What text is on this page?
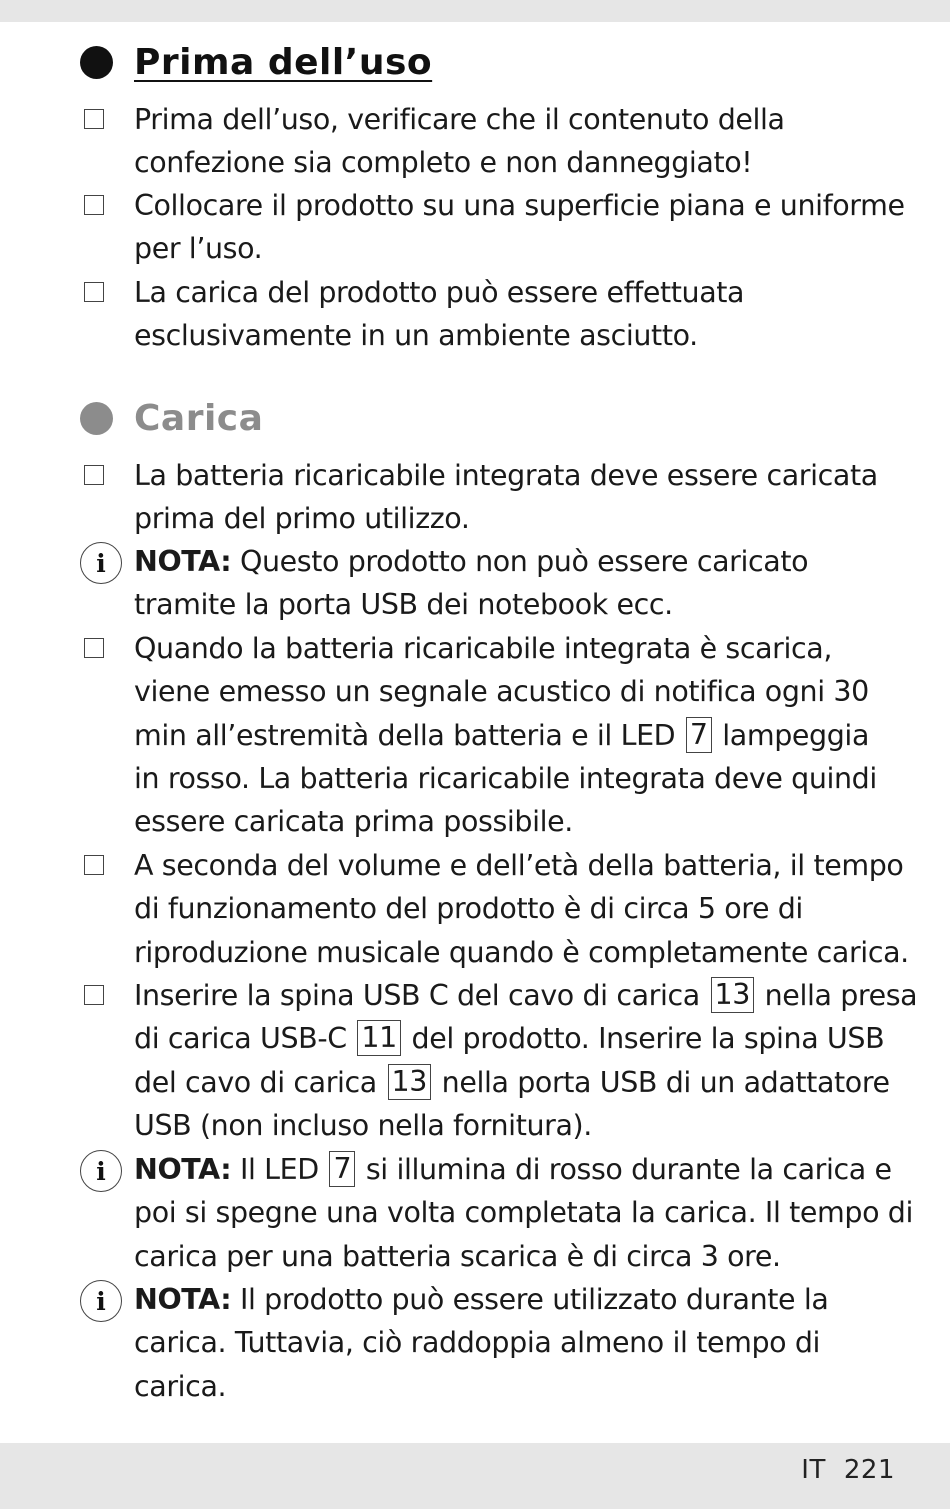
Prima dell’uso
Prima dell’uso, verificare che il contenuto della
confezione sia completo e non danneggiato!
Collocare il prodotto su una superficie piana e uniforme
per l’uso.
La carica del prodotto può essere effettuata
esclusivamente in un ambiente asciutto.
Carica
La batteria ricaricabile integrata deve essere caricata
prima del primo utilizzo.
i NOTA: Questo prodotto non può essere caricato
tramite la porta USB dei notebook ecc.
Quando la batteria ricaricabile integrata è scarica,
viene emesso un segnale acustico di notifica ogni 30
min all’estremità della batteria e il LED 7 lampeggia
in rosso. La batteria ricaricabile integrata deve quindi
essere caricata prima possibile.
A seconda del volume e dell’età della batteria, il tempo
di funzionamento del prodotto è di circa 5 ore di
riproduzione musicale quando è completamente carica.
Inserire la spina USB C del cavo di carica 13 nella presa
di carica USB-C 11 del prodotto. Inserire la spina USB
del cavo di carica 13 nella porta USB di un adattatore
USB (non incluso nella fornitura).
i NOTA: Il LED 7 si illumina di rosso durante la carica e
poi si spegne una volta completata la carica. Il tempo di
carica per una batteria scarica è di circa 3 ore.
i NOTA: Il prodotto può essere utilizzato durante la
carica. Tuttavia, ciò raddoppia almeno il tempo di
carica.
IT 221
